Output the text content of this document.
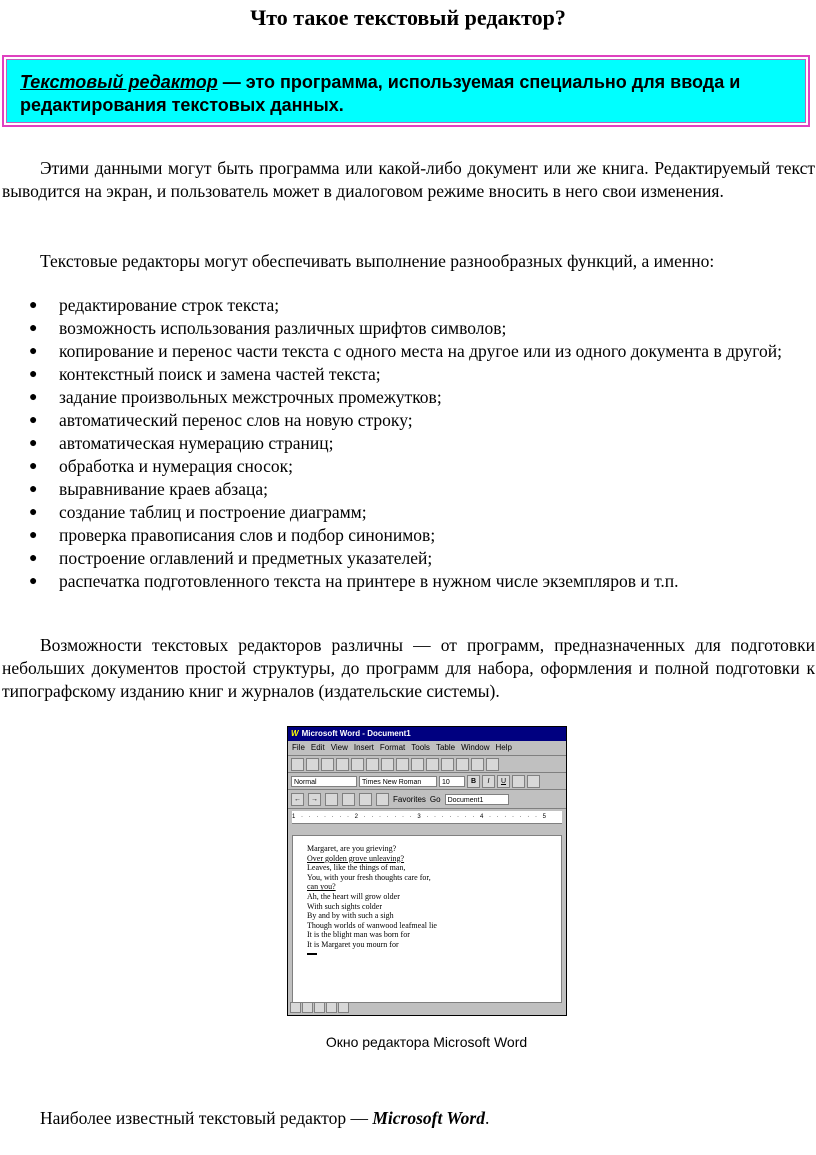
Что такое текстовый редактор?
Текстовый редактор — это программа, используемая специально для ввода и редактирования текстовых данных.
Этими данными могут быть программа или какой-либо документ или же книга. Редактируемый текст выводится на экран, и пользователь может в диалоговом режиме вносить в него свои изменения.
Текстовые редакторы могут обеспечивать выполнение разнообразных функций, а именно:
● редактирование строк текста;
● возможность использования различных шрифтов символов;
● копирование и перенос части текста с одного места на другое или из одного документа в другой;
● контекстный поиск и замена частей текста;
● задание произвольных межстрочных промежутков;
● автоматический перенос слов на новую строку;
● автоматическая нумерацию страниц;
● обработка и нумерация сносок;
● выравнивание краев абзаца;
● создание таблиц и построение диаграмм;
● проверка правописания слов и подбор синонимов;
● построение оглавлений и предметных указателей;
● распечатка подготовленного текста на принтере в нужном числе экземпляров и т.п.
Возможности текстовых редакторов различны — от программ, предназначенных для подготовки небольших документов простой структуры, до программ для набора, оформления и полной подготовки к типографскому изданию книг и журналов (издательские системы).
W Microsoft Word - Document1
File Edit View Insert Format Tools Table Window Help
Normal	Times New Roman	10	B	I	U
←	→	Favorites Go	Document1
1 · · · · · · · 2 · · · · · · · 3 · · · · · · · 4 · · · · · · · 5
Margaret, are you grieving?
Over golden grove unleaving?
Leaves, like the things of man,
You, with your fresh thoughts care for,
can you?
Ah, the heart will grow older
With such sights colder
By and by with such a sigh
Though worlds of wanwood leafmeal lie
It is the blight man was born for
It is Margaret you mourn for
Окно редактора Microsoft Word
Наиболее известный текстовый редактор — Microsoft Word.
